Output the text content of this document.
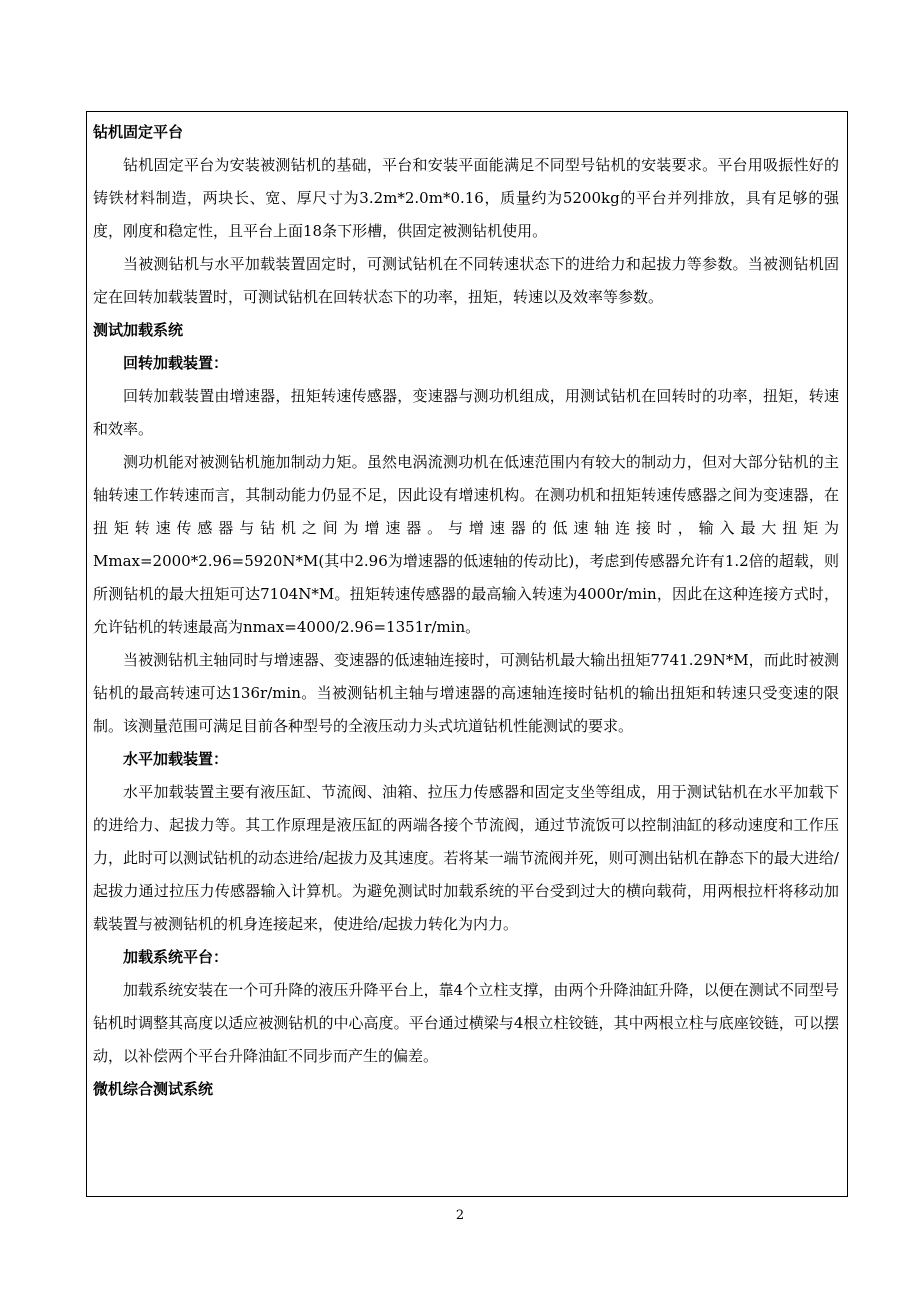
钻机固定平台

钻机固定平台为安装被测钻机的基础，平台和安装平面能满足不同型号钻机的安装要求。平台用吸振性好的铸铁材料制造，两块长、宽、厚尺寸为3.2m*2.0m*0.16，质量约为5200kg的平台并列排放，具有足够的强度，刚度和稳定性，且平台上面18条下形槽，供固定被测钻机使用。

当被测钻机与水平加载装置固定时，可测试钻机在不同转速状态下的进给力和起拔力等参数。当被测钻机固定在回转加载装置时，可测试钻机在回转状态下的功率，扭矩，转速以及效率等参数。

测试加载系统
回转加载装置：

回转加载装置由增速器，扭矩转速传感器，变速器与测功机组成，用测试钻机在回转时的功率，扭矩，转速和效率。

测功机能对被测钻机施加制动力矩。虽然电涡流测功机在低速范围内有较大的制动力，但对大部分钻机的主轴转速工作转速而言，其制动能力仍显不足，因此设有增速机构。在测功机和扭矩转速传感器之间为变速器，在扭矩转速传感器与钻机之间为增速器。与增速器的低速轴连接时，输入最大扭矩为Mmax=2000*2.96=5920N*M(其中2.96为增速器的低速轴的传动比)，考虑到传感器允许有1.2倍的超载，则所测钻机的最大扭矩可达7104N*M。扭矩转速传感器的最高输入转速为4000r/min，因此在这种连接方式时，允许钻机的转速最高为nmax=4000/2.96=1351r/min。

当被测钻机主轴同时与增速器、变速器的低速轴连接时，可测钻机最大输出扭矩7741.29N*M，而此时被测钻机的最高转速可达136r/min。当被测钻机主轴与增速器的高速轴连接时钻机的输出扭矩和转速只受变速的限制。该测量范围可满足目前各种型号的全液压动力头式坑道钻机性能测试的要求。

水平加载装置：

水平加载装置主要有液压缸、节流阀、油箱、拉压力传感器和固定支坐等组成，用于测试钻机在水平加载下的进给力、起拔力等。其工作原理是液压缸的两端各接个节流阀，通过节流饭可以控制油缸的移动速度和工作压力，此时可以测试钻机的动态进给/起拔力及其速度。若将某一端节流阀并死，则可测出钻机在静态下的最大进给/起拔力通过拉压力传感器输入计算机。为避免测试时加载系统的平台受到过大的横向载荷，用两根拉杆将移动加载装置与被测钻机的机身连接起来，使进给/起拔力转化为内力。

加载系统平台：

加载系统安装在一个可升降的液压升降平台上，靠4个立柱支撑，由两个升降油缸升降，以便在测试不同型号钻机时调整其高度以适应被测钻机的中心高度。平台通过横梁与4根立柱铰链，其中两根立柱与底座铰链，可以摆动，以补偿两个平台升降油缸不同步而产生的偏差。

微机综合测试系统
2
